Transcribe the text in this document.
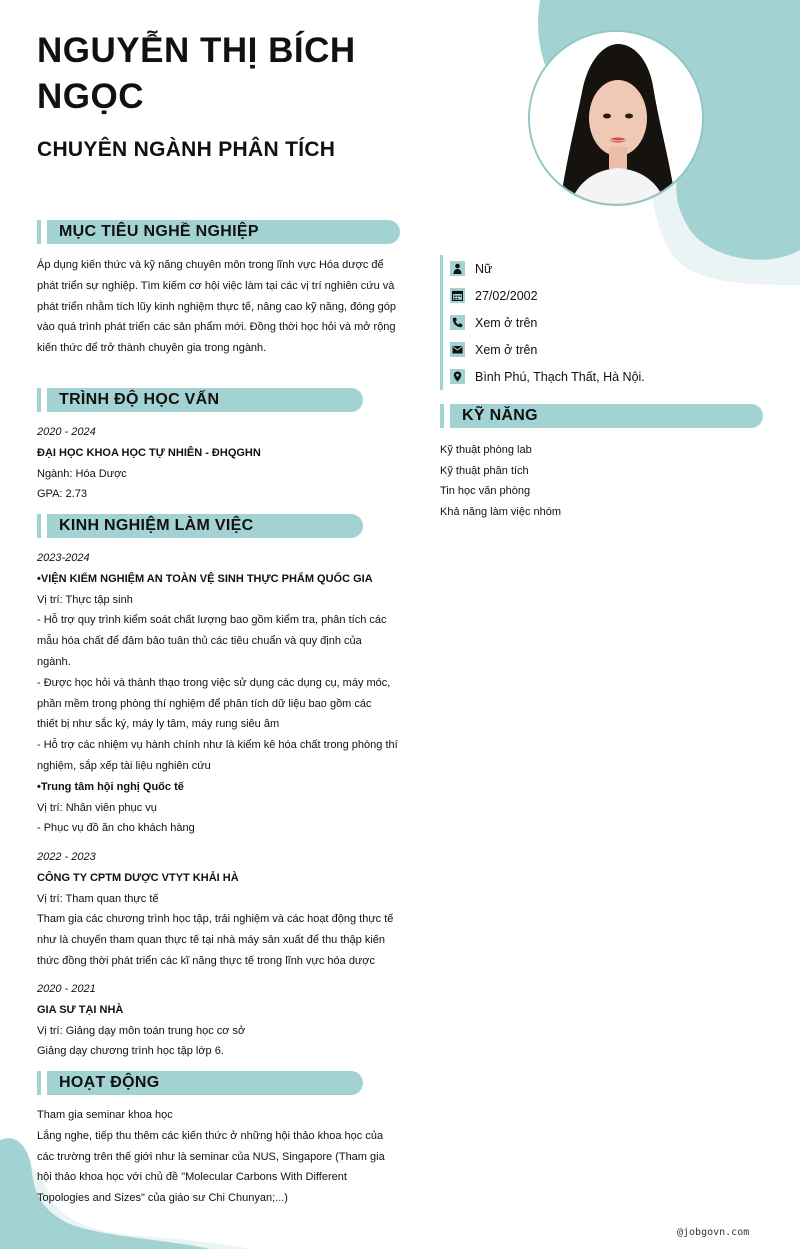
NGUYỄN THỊ BÍCH NGỌC
CHUYÊN NGÀNH PHÂN TÍCH
MỤC TIÊU NGHỀ NGHIỆP
Áp dụng kiến thức và kỹ năng chuyên môn trong lĩnh vực Hóa dược để
phát triển sự nghiệp. Tìm kiếm cơ hội việc làm tại các vị trí nghiên cứu và
phát triển nhằm tích lũy kinh nghiệm thực tế, nâng cao kỹ năng, đóng góp
vào quá trình phát triển các sản phẩm mới. Đồng thời học hỏi và mở rộng
kiến thức để trở thành chuyên gia trong ngành.
TRÌNH ĐỘ HỌC VẤN
2020 - 2024
ĐẠI HỌC KHOA HỌC TỰ NHIÊN - ĐHQGHN
Ngành: Hóa Dược
GPA: 2.73
KINH NGHIỆM LÀM VIỆC
2023-2024
•VIỆN KIỂM NGHIỆM AN TOÀN VỆ SINH THỰC PHẨM QUỐC GIA
Vị trí: Thực tập sinh
- Hỗ trợ quy trình kiểm soát chất lượng bao gồm kiểm tra, phân tích các
mẫu hóa chất để đảm bảo tuân thủ các tiêu chuẩn và quy định của
ngành.
- Được học hỏi và thành thạo trong việc sử dụng các dụng cụ, máy móc,
phần mềm trong phòng thí nghiệm để phân tích dữ liệu bao gồm các
thiết bị như sắc ký, máy ly tâm, máy rung siêu âm
- Hỗ trợ các nhiệm vụ hành chính như là kiểm kê hóa chất trong phòng thí
nghiệm, sắp xếp tài liệu nghiên cứu
•Trung tâm hội nghị Quốc tế
Vị trí: Nhân viên phục vụ
- Phục vụ đồ ăn cho khách hàng
2022 - 2023
CÔNG TY CPTM DƯỢC VTYT KHẢI HÀ
Vị trí: Tham quan thực tế
Tham gia các chương trình học tập, trải nghiệm và các hoạt động thực tế
như là chuyến tham quan thực tế tại nhà máy sản xuất để thu thập kiến
thức đồng thời phát triển các kĩ năng thực tế trong lĩnh vực hóa dược
2020 - 2021
GIA SƯ TẠI NHÀ
Vị trí: Giảng dạy môn toán trung học cơ sở
Giảng dạy chương trình học tập lớp 6.
HOẠT ĐỘNG
Tham gia seminar khoa học
Lắng nghe, tiếp thu thêm các kiến thức ở những hội thảo khoa học của
các trường trên thế giới như là seminar của NUS, Singapore (Tham gia
hội thảo khoa học với chủ đề "Molecular Carbons With Different
Topologies and Sizes" của giáo sư Chi Chunyan;...)
Nữ
27/02/2002
Xem ở trên
Xem ở trên
Bình Phú, Thạch Thất, Hà Nội.
KỸ NĂNG
Kỹ thuật phòng lab
Kỹ thuật phân tích
Tin học văn phòng
Khả năng làm việc nhóm
@jobgovn.com
